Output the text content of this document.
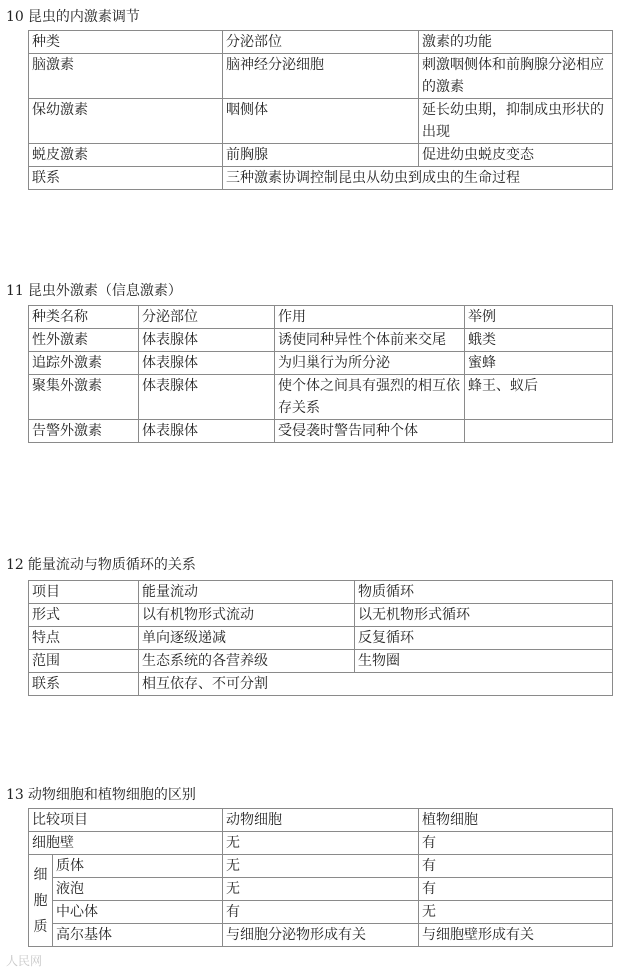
10 昆虫的内激素调节
种类	分泌部位	激素的功能
脑激素	脑神经分泌细胞	刺激咽侧体和前胸腺分泌相应的激素
保幼激素	咽侧体	延长幼虫期，抑制成虫形状的出现
蜕皮激素	前胸腺	促进幼虫蜕皮变态
联系	三种激素协调控制昆虫从幼虫到成虫的生命过程	
11 昆虫外激素（信息激素）
种类名称	分泌部位	作用	举例
性外激素	体表腺体	诱使同种异性个体前来交尾	蛾类
追踪外激素	体表腺体	为归巢行为所分泌	蜜蜂
聚集外激素	体表腺体	使个体之间具有强烈的相互依存关系	蜂王、蚁后
告警外激素	体表腺体	受侵袭时警告同种个体	
12 能量流动与物质循环的关系
项目	能量流动	物质循环
形式	以有机物形式流动	以无机物形式循环
特点	单向逐级递减	反复循环
范围	生态系统的各营养级	生物圈
联系	相互依存、不可分割	
13 动物细胞和植物细胞的区别
比较项目		动物细胞	植物细胞
细胞壁		无	有
细胞质	质体	无	有
	液泡	无	有
	中心体	有	无
	高尔基体	与细胞分泌物形成有关	与细胞壁形成有关
人民网
